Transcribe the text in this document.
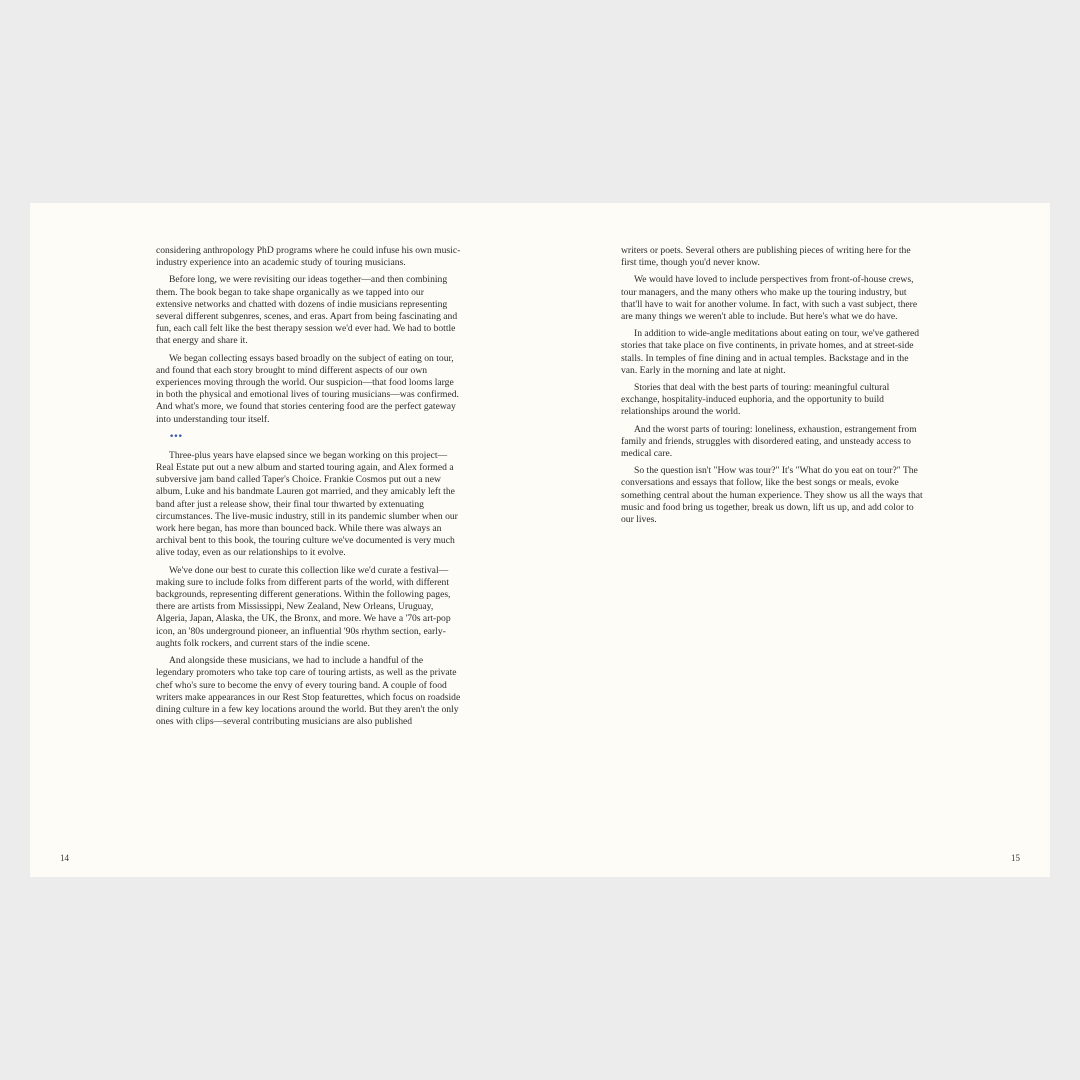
considering anthropology PhD programs where he could infuse his own music-industry experience into an academic study of touring musicians.

Before long, we were revisiting our ideas together—and then combining them. The book began to take shape organically as we tapped into our extensive networks and chatted with dozens of indie musicians representing several different subgenres, scenes, and eras. Apart from being fascinating and fun, each call felt like the best therapy session we'd ever had. We had to bottle that energy and share it.

We began collecting essays based broadly on the subject of eating on tour, and found that each story brought to mind different aspects of our own experiences moving through the world. Our suspicion—that food looms large in both the physical and emotional lives of touring musicians—was confirmed. And what's more, we found that stories centering food are the perfect gateway into understanding tour itself.

•••

Three-plus years have elapsed since we began working on this project—Real Estate put out a new album and started touring again, and Alex formed a subversive jam band called Taper's Choice. Frankie Cosmos put out a new album, Luke and his bandmate Lauren got married, and they amicably left the band after just a release show, their final tour thwarted by extenuating circumstances. The live-music industry, still in its pandemic slumber when our work here began, has more than bounced back. While there was always an archival bent to this book, the touring culture we've documented is very much alive today, even as our relationships to it evolve.

We've done our best to curate this collection like we'd curate a festival—making sure to include folks from different parts of the world, with different backgrounds, representing different generations. Within the following pages, there are artists from Mississippi, New Zealand, New Orleans, Uruguay, Algeria, Japan, Alaska, the UK, the Bronx, and more. We have a '70s art-pop icon, an '80s underground pioneer, an influential '90s rhythm section, early-aughts folk rockers, and current stars of the indie scene.

And alongside these musicians, we had to include a handful of the legendary promoters who take top care of touring artists, as well as the private chef who's sure to become the envy of every touring band. A couple of food writers make appearances in our Rest Stop featurettes, which focus on roadside dining culture in a few key locations around the world. But they aren't the only ones with clips—several contributing musicians are also published

14

writers or poets. Several others are publishing pieces of writing here for the first time, though you'd never know.

We would have loved to include perspectives from front-of-house crews, tour managers, and the many others who make up the touring industry, but that'll have to wait for another volume. In fact, with such a vast subject, there are many things we weren't able to include. But here's what we do have.

In addition to wide-angle meditations about eating on tour, we've gathered stories that take place on five continents, in private homes, and at street-side stalls. In temples of fine dining and in actual temples. Backstage and in the van. Early in the morning and late at night.

Stories that deal with the best parts of touring: meaningful cultural exchange, hospitality-induced euphoria, and the opportunity to build relationships around the world.

And the worst parts of touring: loneliness, exhaustion, estrangement from family and friends, struggles with disordered eating, and unsteady access to medical care.

So the question isn't "How was tour?" It's "What do you eat on tour?" The conversations and essays that follow, like the best songs or meals, evoke something central about the human experience. They show us all the ways that music and food bring us together, break us down, lift us up, and add color to our lives.

15
